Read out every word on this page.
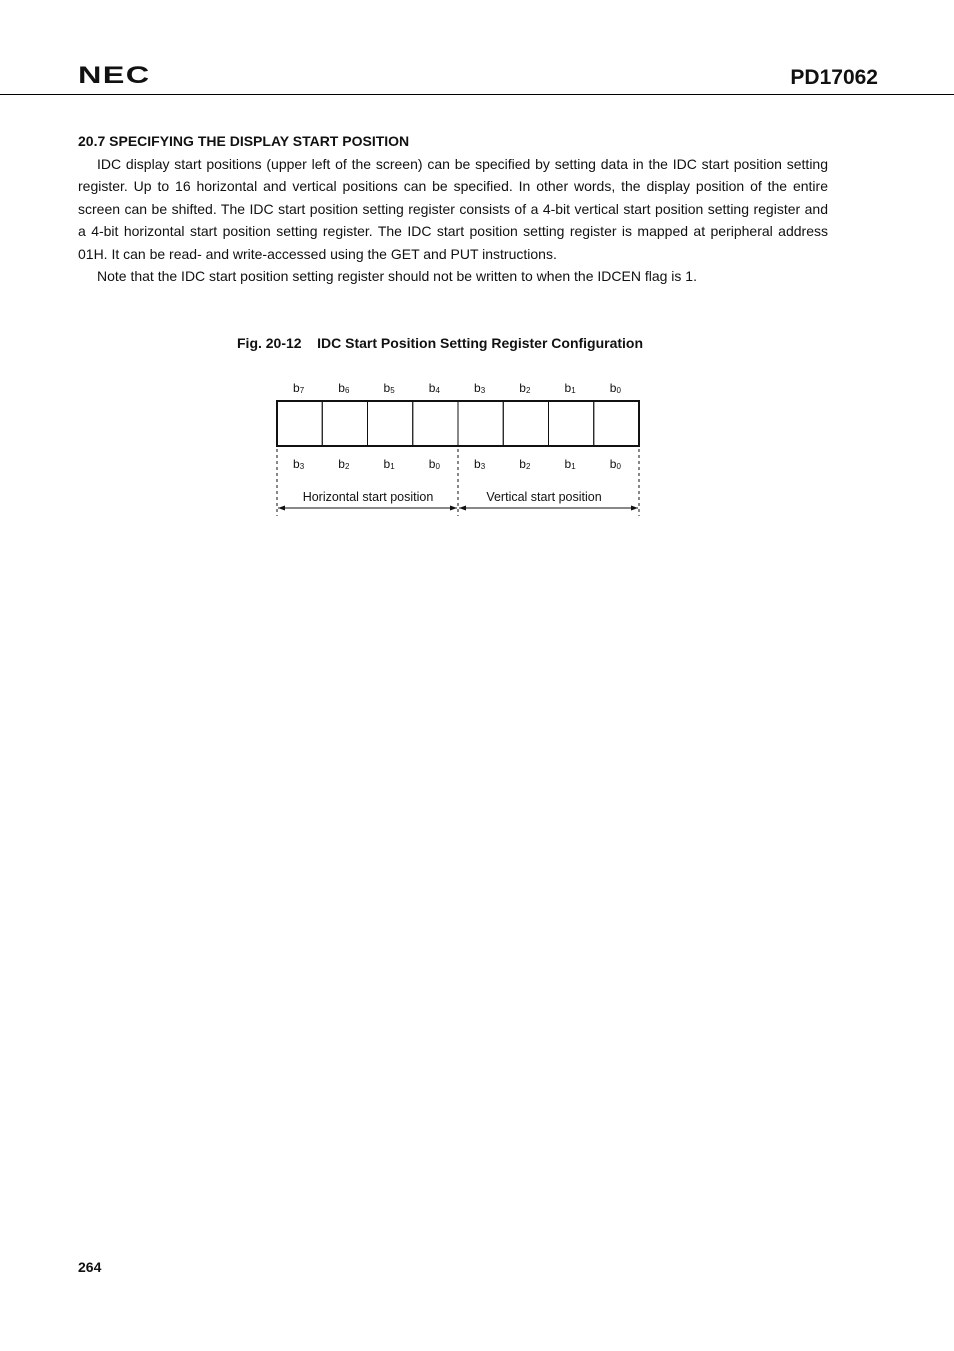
NEC	PD17062
20.7 SPECIFYING THE DISPLAY START POSITION

IDC display start positions (upper left of the screen) can be specified by setting data in the IDC start position setting register. Up to 16 horizontal and vertical positions can be specified. In other words, the display position of the entire screen can be shifted. The IDC start position setting register consists of a 4-bit vertical start position setting register and a 4-bit horizontal start position setting register. The IDC start position setting register is mapped at peripheral address 01H. It can be read- and write-accessed using the GET and PUT instructions.

Note that the IDC start position setting register should not be written to when the IDCEN flag is 1.

Fig. 20-12    IDC Start Position Setting Register Configuration
b7	b6	b5	b4	b3	b2	b1	b0
b3	b2	b1	b0	b3	b2	b1	b0
Horizontal start position	Vertical start position
264
